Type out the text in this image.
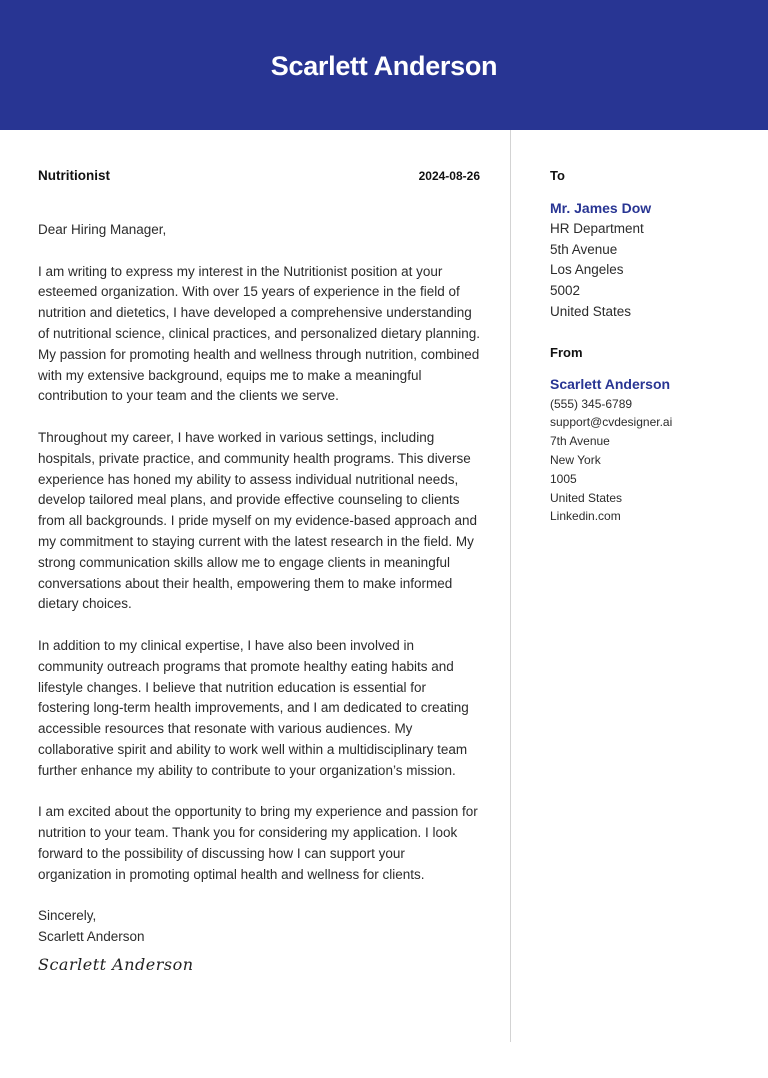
Scarlett Anderson
Nutritionist	2024-08-26
Dear Hiring Manager,

I am writing to express my interest in the Nutritionist position at your esteemed organization. With over 15 years of experience in the field of nutrition and dietetics, I have developed a comprehensive understanding of nutritional science, clinical practices, and personalized dietary planning. My passion for promoting health and wellness through nutrition, combined with my extensive background, equips me to make a meaningful contribution to your team and the clients we serve.

Throughout my career, I have worked in various settings, including hospitals, private practice, and community health programs. This diverse experience has honed my ability to assess individual nutritional needs, develop tailored meal plans, and provide effective counseling to clients from all backgrounds. I pride myself on my evidence-based approach and my commitment to staying current with the latest research in the field. My strong communication skills allow me to engage clients in meaningful conversations about their health, empowering them to make informed dietary choices.

In addition to my clinical expertise, I have also been involved in community outreach programs that promote healthy eating habits and lifestyle changes. I believe that nutrition education is essential for fostering long-term health improvements, and I am dedicated to creating accessible resources that resonate with various audiences. My collaborative spirit and ability to work well within a multidisciplinary team further enhance my ability to contribute to your organization’s mission.

I am excited about the opportunity to bring my experience and passion for nutrition to your team. Thank you for considering my application. I look forward to the possibility of discussing how I can support your organization in promoting optimal health and wellness for clients.

Sincerely,
Scarlett Anderson
Scarlett Anderson
To
Mr. James Dow
HR Department
5th Avenue
Los Angeles
5002
United States
From
Scarlett Anderson
(555) 345-6789
support@cvdesigner.ai
7th Avenue
New York
1005
United States
Linkedin.com
